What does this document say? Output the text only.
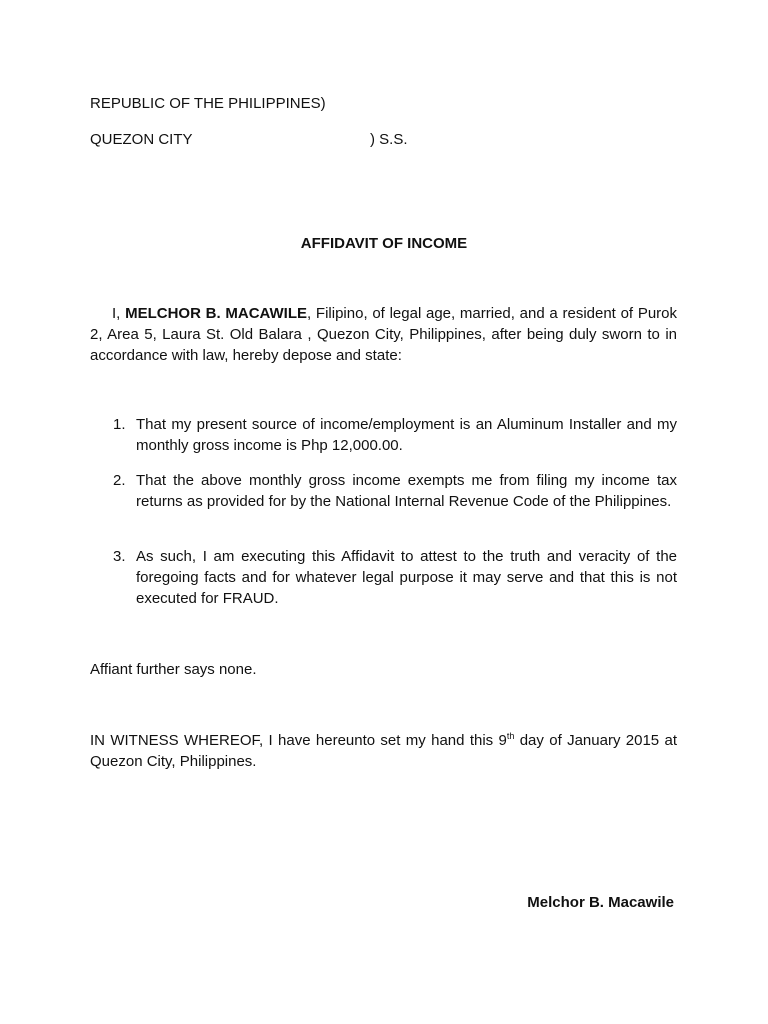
REPUBLIC OF THE PHILIPPINES)
QUEZON CITY	) S.S.
AFFIDAVIT OF INCOME
I, MELCHOR B. MACAWILE, Filipino, of legal age, married, and a resident of Purok 2, Area 5, Laura St. Old Balara , Quezon City, Philippines, after being duly sworn to in accordance with law, hereby depose and state:
1. That my present source of income/employment is an Aluminum Installer and my monthly gross income is Php 12,000.00.
2. That the above monthly gross income exempts me from filing my income tax returns as provided for by the National Internal Revenue Code of the Philippines.
3. As such, I am executing this Affidavit to attest to the truth and veracity of the foregoing facts and for whatever legal purpose it may serve and that this is not executed for FRAUD.
Affiant further says none.
IN WITNESS WHEREOF, I have hereunto set my hand this 9th day of January 2015 at Quezon City, Philippines.
Melchor B. Macawile
